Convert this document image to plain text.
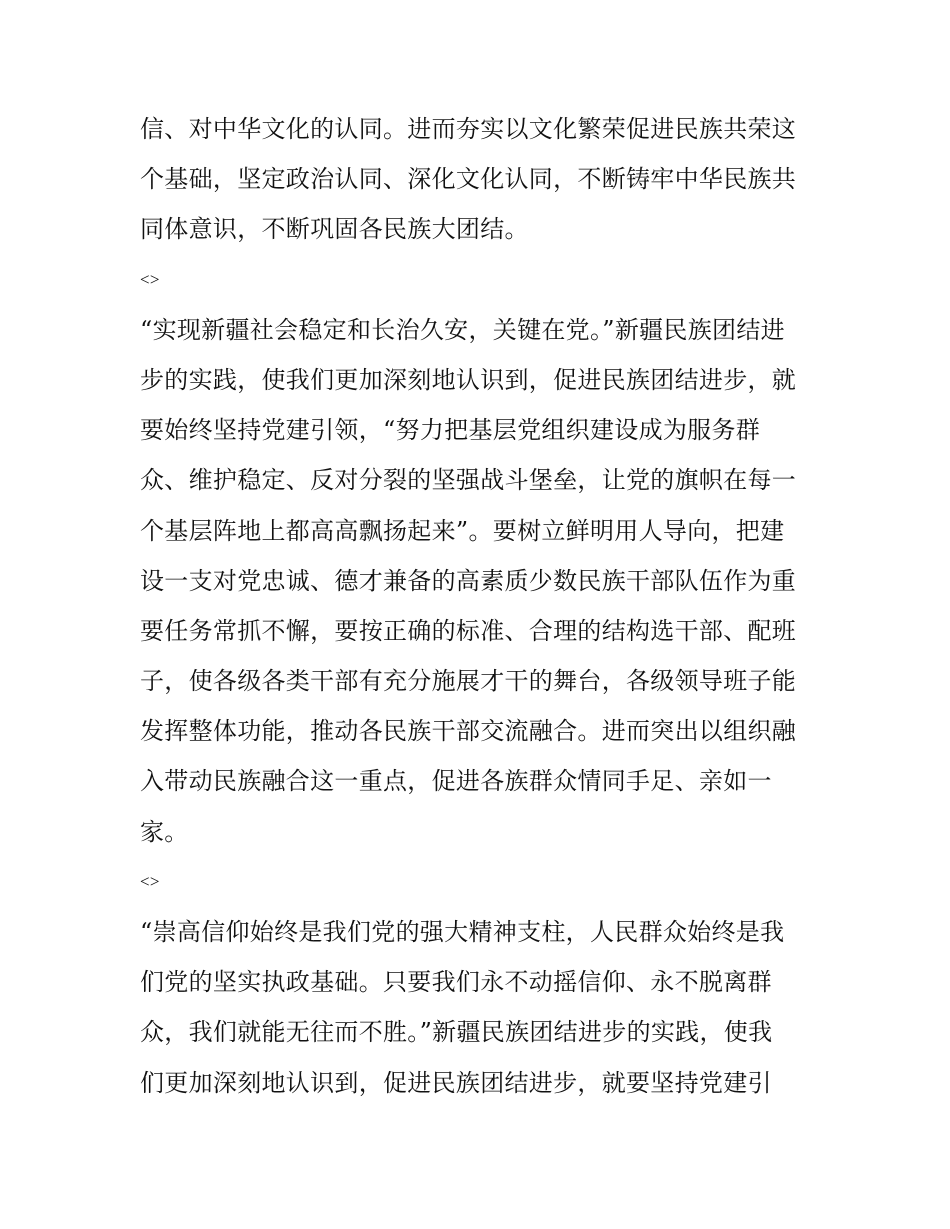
信、对中华文化的认同。进而夯实以文化繁荣促进民族共荣这
个基础，坚定政治认同、深化文化认同，不断铸牢中华民族共
同体意识，不断巩固各民族大团结。
<>
“实现新疆社会稳定和长治久安，关键在党。”新疆民族团结进
步的实践，使我们更加深刻地认识到，促进民族团结进步，就
要始终坚持党建引领，“努力把基层党组织建设成为服务群
众、维护稳定、反对分裂的坚强战斗堡垒，让党的旗帜在每一
个基层阵地上都高高飘扬起来”。要树立鲜明用人导向，把建
设一支对党忠诚、德才兼备的高素质少数民族干部队伍作为重
要任务常抓不懈，要按正确的标准、合理的结构选干部、配班
子，使各级各类干部有充分施展才干的舞台，各级领导班子能
发挥整体功能，推动各民族干部交流融合。进而突出以组织融
入带动民族融合这一重点，促进各族群众情同手足、亲如一
家。
<>
“崇高信仰始终是我们党的强大精神支柱，人民群众始终是我
们党的坚实执政基础。只要我们永不动摇信仰、永不脱离群
众，我们就能无往而不胜。”新疆民族团结进步的实践，使我
们更加深刻地认识到，促进民族团结进步，就要坚持党建引
